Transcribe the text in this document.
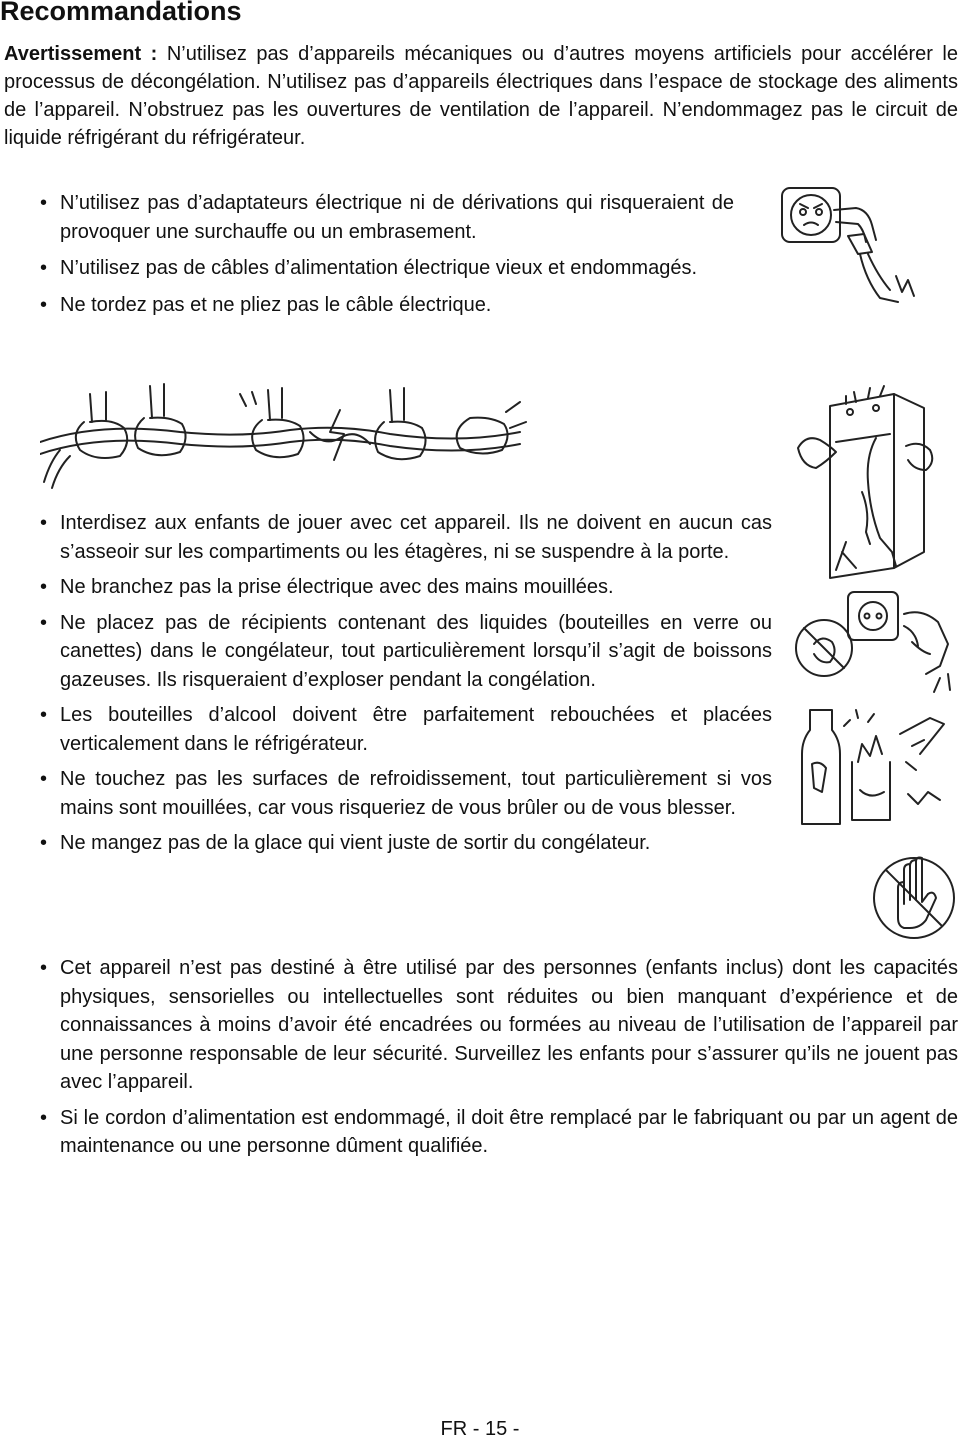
Recommandations

Avertissement : N’utilisez pas d’appareils mécaniques ou d’autres moyens artificiels pour accélérer le processus de décongélation. N’utilisez pas d’appareils électriques dans l’espace de stockage des aliments de l’appareil. N’obstruez pas les ouvertures de ventilation de l’appareil. N’endommagez pas le circuit de liquide réfrigérant du réfrigérateur.

• N’utilisez pas d’adaptateurs électrique ni de dérivations qui risqueraient de provoquer une surchauffe ou un embrasement.
• N’utilisez pas de câbles d’alimentation électrique vieux et endommagés.
• Ne tordez pas et ne pliez pas le câble électrique.
• Interdisez aux enfants de jouer avec cet appareil. Ils ne doivent en aucun cas s’asseoir sur les compartiments ou les étagères, ni se suspendre à la porte.
• Ne branchez pas la prise électrique avec des mains mouillées.
• Ne placez pas de récipients contenant des liquides (bouteilles en verre ou canettes) dans le congélateur, tout particulièrement lorsqu’il s’agit de boissons gazeuses. Ils risqueraient d’exploser pendant la congélation.
• Les bouteilles d’alcool doivent être parfaitement rebouchées et placées verticalement dans le réfrigérateur.
• Ne touchez pas les surfaces de refroidissement, tout particulièrement si vos mains sont mouillées, car vous risqueriez de vous brûler ou de vous blesser.
• Ne mangez pas de la glace qui vient juste de sortir du congélateur.
• Cet appareil n’est pas destiné à être utilisé par des personnes (enfants inclus) dont les capacités physiques, sensorielles ou intellectuelles sont réduites ou bien manquant d’expérience et de connaissances à moins d’avoir été encadrées ou formées au niveau de l’utilisation de l’appareil par une personne responsable de leur sécurité. Surveillez les enfants pour s’assurer qu’ils ne jouent pas avec l’appareil.
• Si le cordon d’alimentation est endommagé, il doit être remplacé par le fabriquant ou par un agent de maintenance ou une personne dûment qualifiée.
FR - 15 -
